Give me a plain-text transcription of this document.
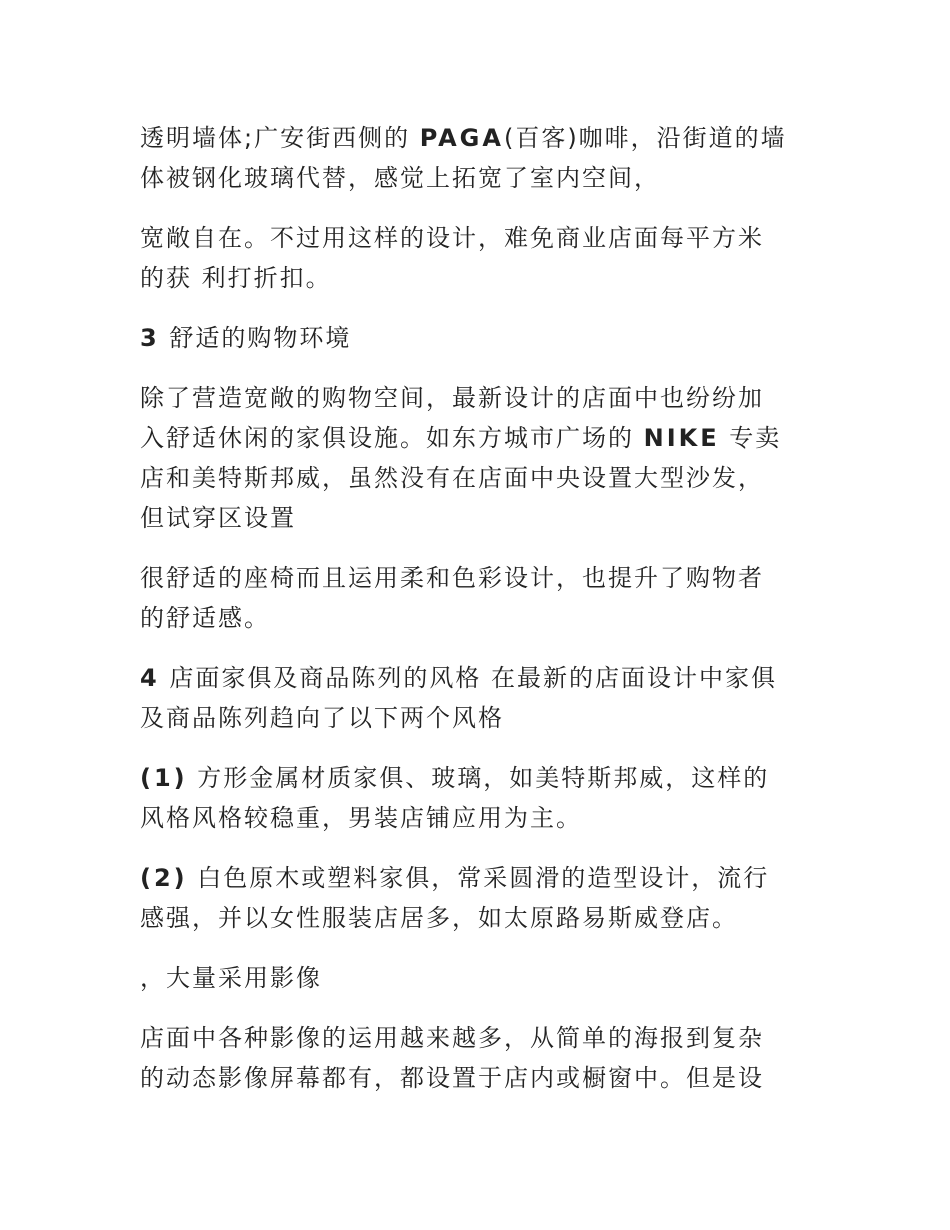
透明墙体;广安街西侧的 PAGA(百客)咖啡，沿街道的墙
体被钢化玻璃代替，感觉上拓宽了室内空间，
宽敞自在。不过用这样的设计，难免商业店面每平方米
的获 利打折扣。
3 舒适的购物环境
除了营造宽敞的购物空间，最新设计的店面中也纷纷加
入舒适休闲的家俱设施。如东方城市广场的 NIKE 专卖
店和美特斯邦威，虽然没有在店面中央设置大型沙发，
但试穿区设置
很舒适的座椅而且运用柔和色彩设计，也提升了购物者
的舒适感。
4 店面家俱及商品陈列的风格 在最新的店面设计中家俱
及商品陈列趋向了以下两个风格
(1) 方形金属材质家俱、玻璃，如美特斯邦威，这样的
风格风格较稳重，男装店铺应用为主。
(2) 白色原木或塑料家俱，常采圆滑的造型设计，流行
感强，并以女性服装店居多，如太原路易斯威登店。
，大量采用影像
店面中各种影像的运用越来越多，从简单的海报到复杂
的动态影像屏幕都有，都设置于店内或橱窗中。但是设
